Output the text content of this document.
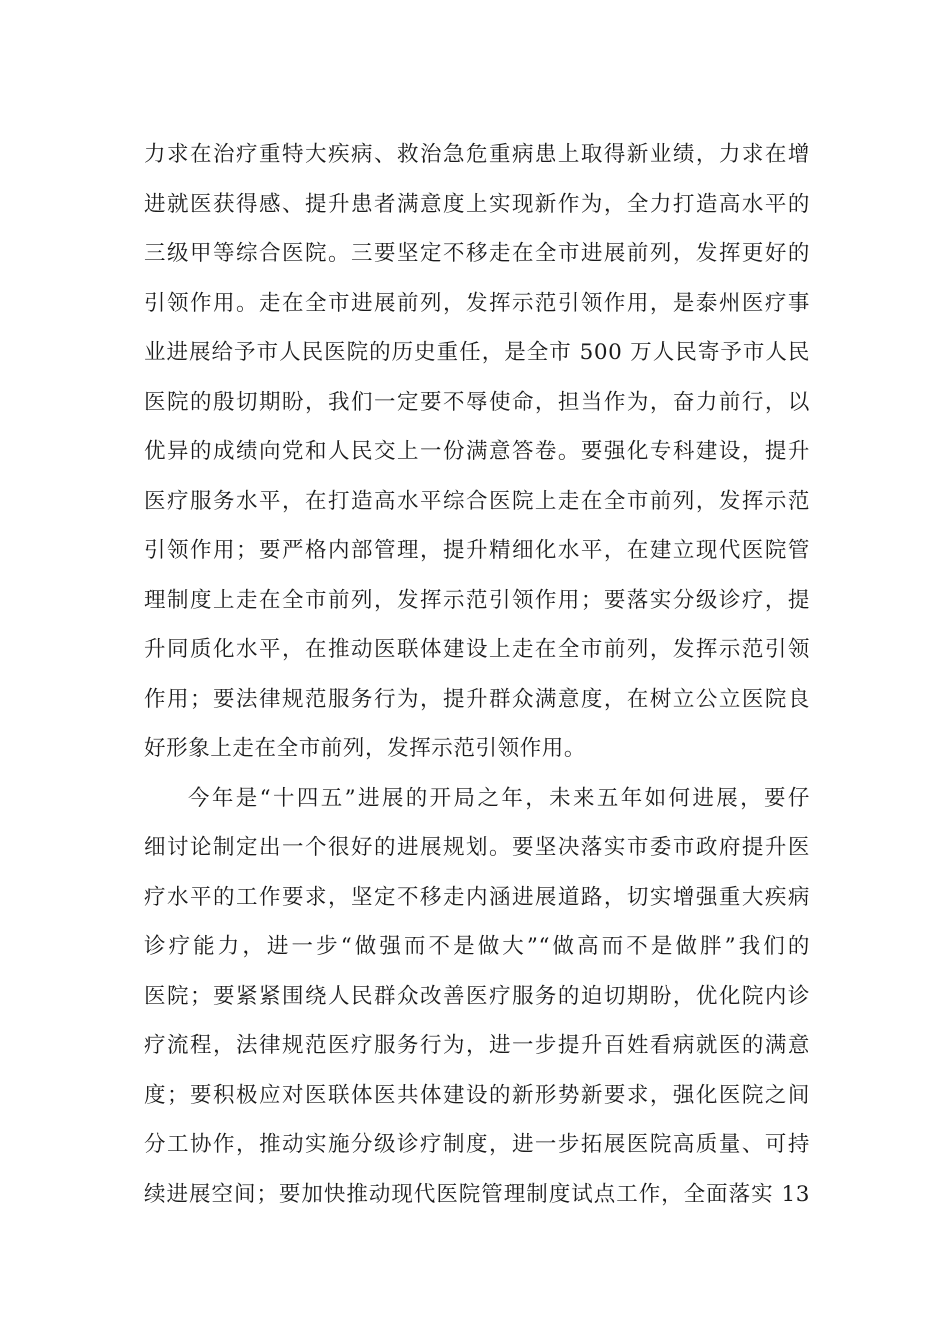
力求在治疗重特大疾病、救治急危重病患上取得新业绩，力求在增
进就医获得感、提升患者满意度上实现新作为，全力打造高水平的
三级甲等综合医院。三要坚定不移走在全市进展前列，发挥更好的
引领作用。走在全市进展前列，发挥示范引领作用，是泰州医疗事
业进展给予市人民医院的历史重任，是全市 500 万人民寄予市人民
医院的殷切期盼，我们一定要不辱使命，担当作为，奋力前行，以
优异的成绩向党和人民交上一份满意答卷。要强化专科建设，提升
医疗服务水平，在打造高水平综合医院上走在全市前列，发挥示范
引领作用；要严格内部管理，提升精细化水平，在建立现代医院管
理制度上走在全市前列，发挥示范引领作用；要落实分级诊疗，提
升同质化水平，在推动医联体建设上走在全市前列，发挥示范引领
作用；要法律规范服务行为，提升群众满意度，在树立公立医院良
好形象上走在全市前列，发挥示范引领作用。
今年是“十四五”进展的开局之年，未来五年如何进展，要仔
细讨论制定出一个很好的进展规划。要坚决落实市委市政府提升医
疗水平的工作要求，坚定不移走内涵进展道路，切实增强重大疾病
诊疗能力，进一步“做强而不是做大”“做高而不是做胖”我们的
医院；要紧紧围绕人民群众改善医疗服务的迫切期盼，优化院内诊
疗流程，法律规范医疗服务行为，进一步提升百姓看病就医的满意
度；要积极应对医联体医共体建设的新形势新要求，强化医院之间
分工协作，推动实施分级诊疗制度，进一步拓展医院高质量、可持
续进展空间；要加快推动现代医院管理制度试点工作，全面落实 13
